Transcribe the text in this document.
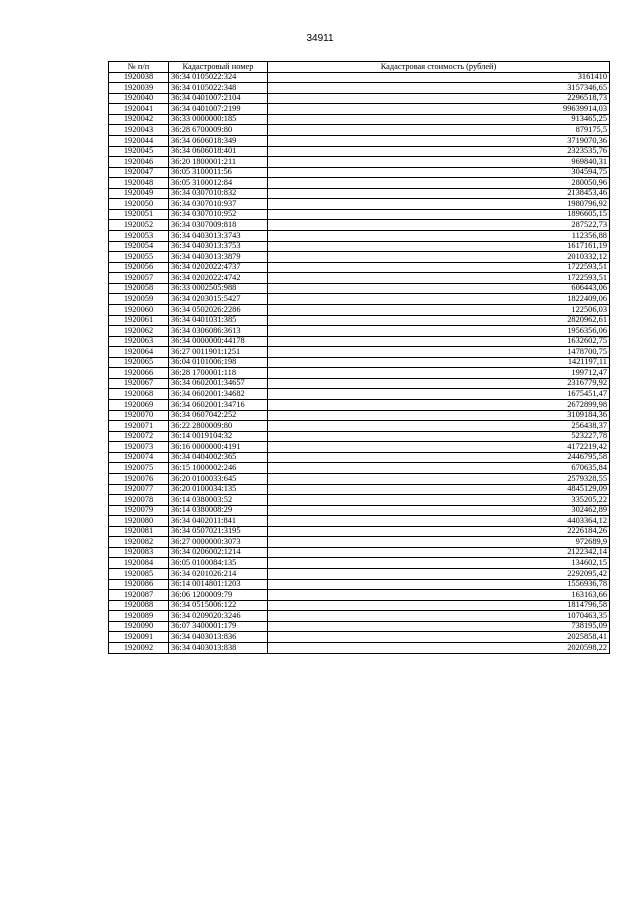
34911
№ п/п	Кадастровый номер	Кадастровая стоимость (рублей)
1920038	36:34 0105022:324	3161410
1920039	36:34 0105022:348	3157346,65
1920040	36:34 0401007:2104	2296518,73
1920041	36:34 0401007:2199	99639914,03
1920042	36:33 0000000:185	913465,25
1920043	36:28 6700009:80	879175,5
1920044	36:34 0606018:349	3719070,36
1920045	36:34 0606018:401	2323535,76
1920046	36:20 1800001:211	969840,31
1920047	36:05 3100011:56	304594,75
1920048	36:05 3100012:84	280050,96
1920049	36:34 0307010:832	2138453,46
1920050	36:34 0307010:937	1980796,92
1920051	36:34 0307010:952	1896605,15
1920052	36:34 0307009:818	287522,73
1920053	36:34 0403013:3743	112356,88
1920054	36:34 0403013:3753	1617161,19
1920055	36:34 0403013:3879	2010332,12
1920056	36:34 0202022:4737	1722593,51
1920057	36:34 0202022:4742	1722593,51
1920058	36:33 0002505:988	606443,06
1920059	36:34 0203015:5427	1822409,06
1920060	36:34 0502026:2286	122506,03
1920061	36:34 0401031:385	2820962,61
1920062	36:34 0306086:3613	1956356,06
1920063	36:34 0000000:44178	1632602,75
1920064	36:27 0011901:1251	1478700,75
1920065	36:04 0101006:198	1421197,11
1920066	36:28 1700001:118	199712,47
1920067	36:34 0602001:34657	2316779,92
1920068	36:34 0602001:34682	1675451,47
1920069	36:34 0602001:34716	2672899,98
1920070	36:34 0607042:252	3109184,36
1920071	36:22 2800009:80	256438,37
1920072	36:14 0019104:32	523227,78
1920073	36:16 0000000:4191	4172219,42
1920074	36:34 0404002:365	2446795,58
1920075	36:15 1000002:246	670635,84
1920076	36:20 0100033:645	2579328,55
1920077	36:20 0100034:135	4845129,09
1920078	36:14 0380003:52	335205,22
1920079	36:14 0380008:29	302462,89
1920080	36:34 0402011:841	4403364,12
1920081	36:34 0507021:3195	2226184,26
1920082	36:27 0000000:3073	972689,9
1920083	36:34 0206002:1214	2122342,14
1920084	36:05 0100084:135	134602,15
1920085	36:34 0201026:214	2292095,42
1920086	36:14 0014801:1203	1556936,78
1920087	36:06 1200009:79	163163,66
1920088	36:34 0515006:122	1814796,58
1920089	36:34 0209020:3246	1070463,35
1920090	36:07 3400001:179	738195,09
1920091	36:34 0403013:836	2025858,41
1920092	36:34 0403013:838	2020598,22
